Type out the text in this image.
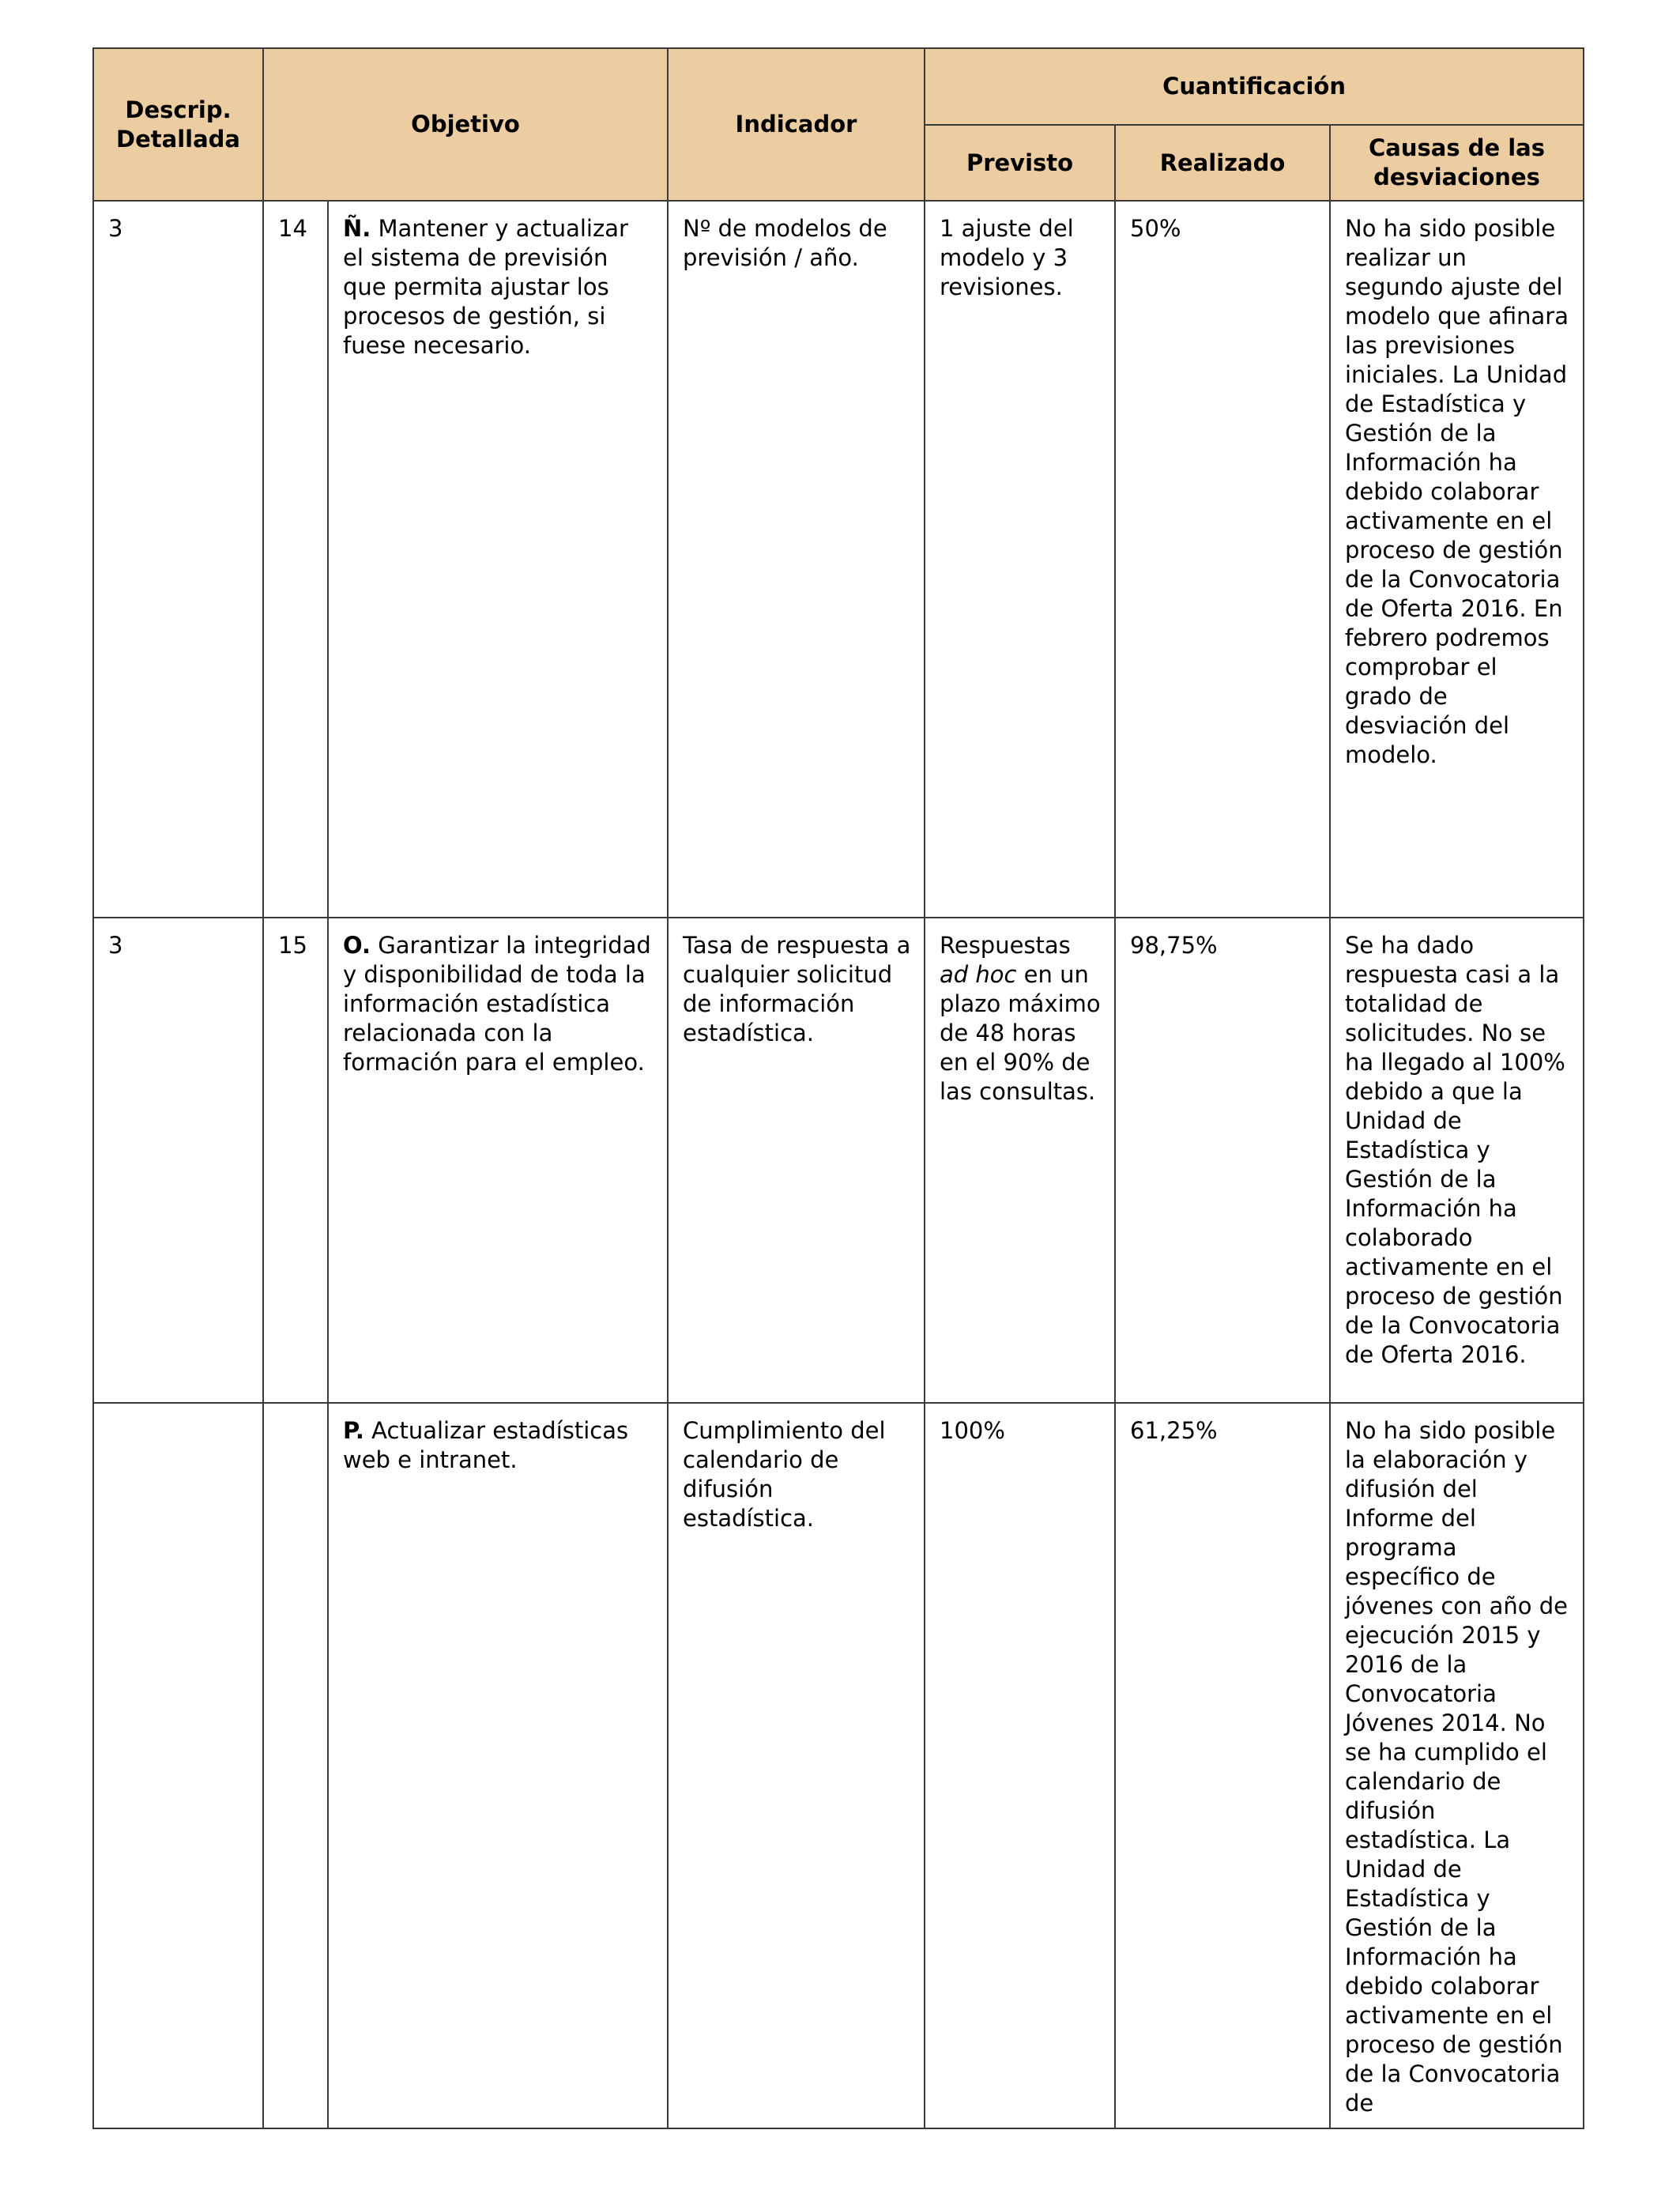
Descrip. Detallada	Objetivo		Indicador	Cuantificación		
				Previsto	Realizado	Causas de las desviaciones
3	14	Ñ. Mantener y actualizar el sistema de previsión que permita ajustar los procesos de gestión, si fuese necesario.	Nº de modelos de previsión / año.	1 ajuste del modelo y 3 revisiones.	50%	No ha sido posible realizar un segundo ajuste del modelo que afinara las previsiones iniciales. La Unidad de Estadística y Gestión de la Información ha debido colaborar activamente en el proceso de gestión de la Convocatoria de Oferta 2016. En febrero podremos comprobar el grado de desviación del modelo.
3	15	O. Garantizar la integridad y disponibilidad de toda la información estadística relacionada con la formación para el empleo.	Tasa de respuesta a cualquier solicitud de información estadística.	Respuestas ad hoc en un plazo máximo de 48 horas en el 90% de las consultas.	98,75%	Se ha dado respuesta casi a la totalidad de solicitudes. No se ha llegado al 100% debido a que la Unidad de Estadística y Gestión de la Información ha colaborado activamente en el proceso de gestión de la Convocatoria de Oferta 2016.
		P. Actualizar estadísticas web e intranet.	Cumplimiento del calendario de difusión estadística.	100%	61,25%	No ha sido posible la elaboración y difusión del Informe del programa específico de jóvenes con año de ejecución 2015 y 2016 de la Convocatoria Jóvenes 2014. No se ha cumplido el calendario de difusión estadística. La Unidad de Estadística y Gestión de la Información ha debido colaborar activamente en el proceso de gestión de la Convocatoria de
